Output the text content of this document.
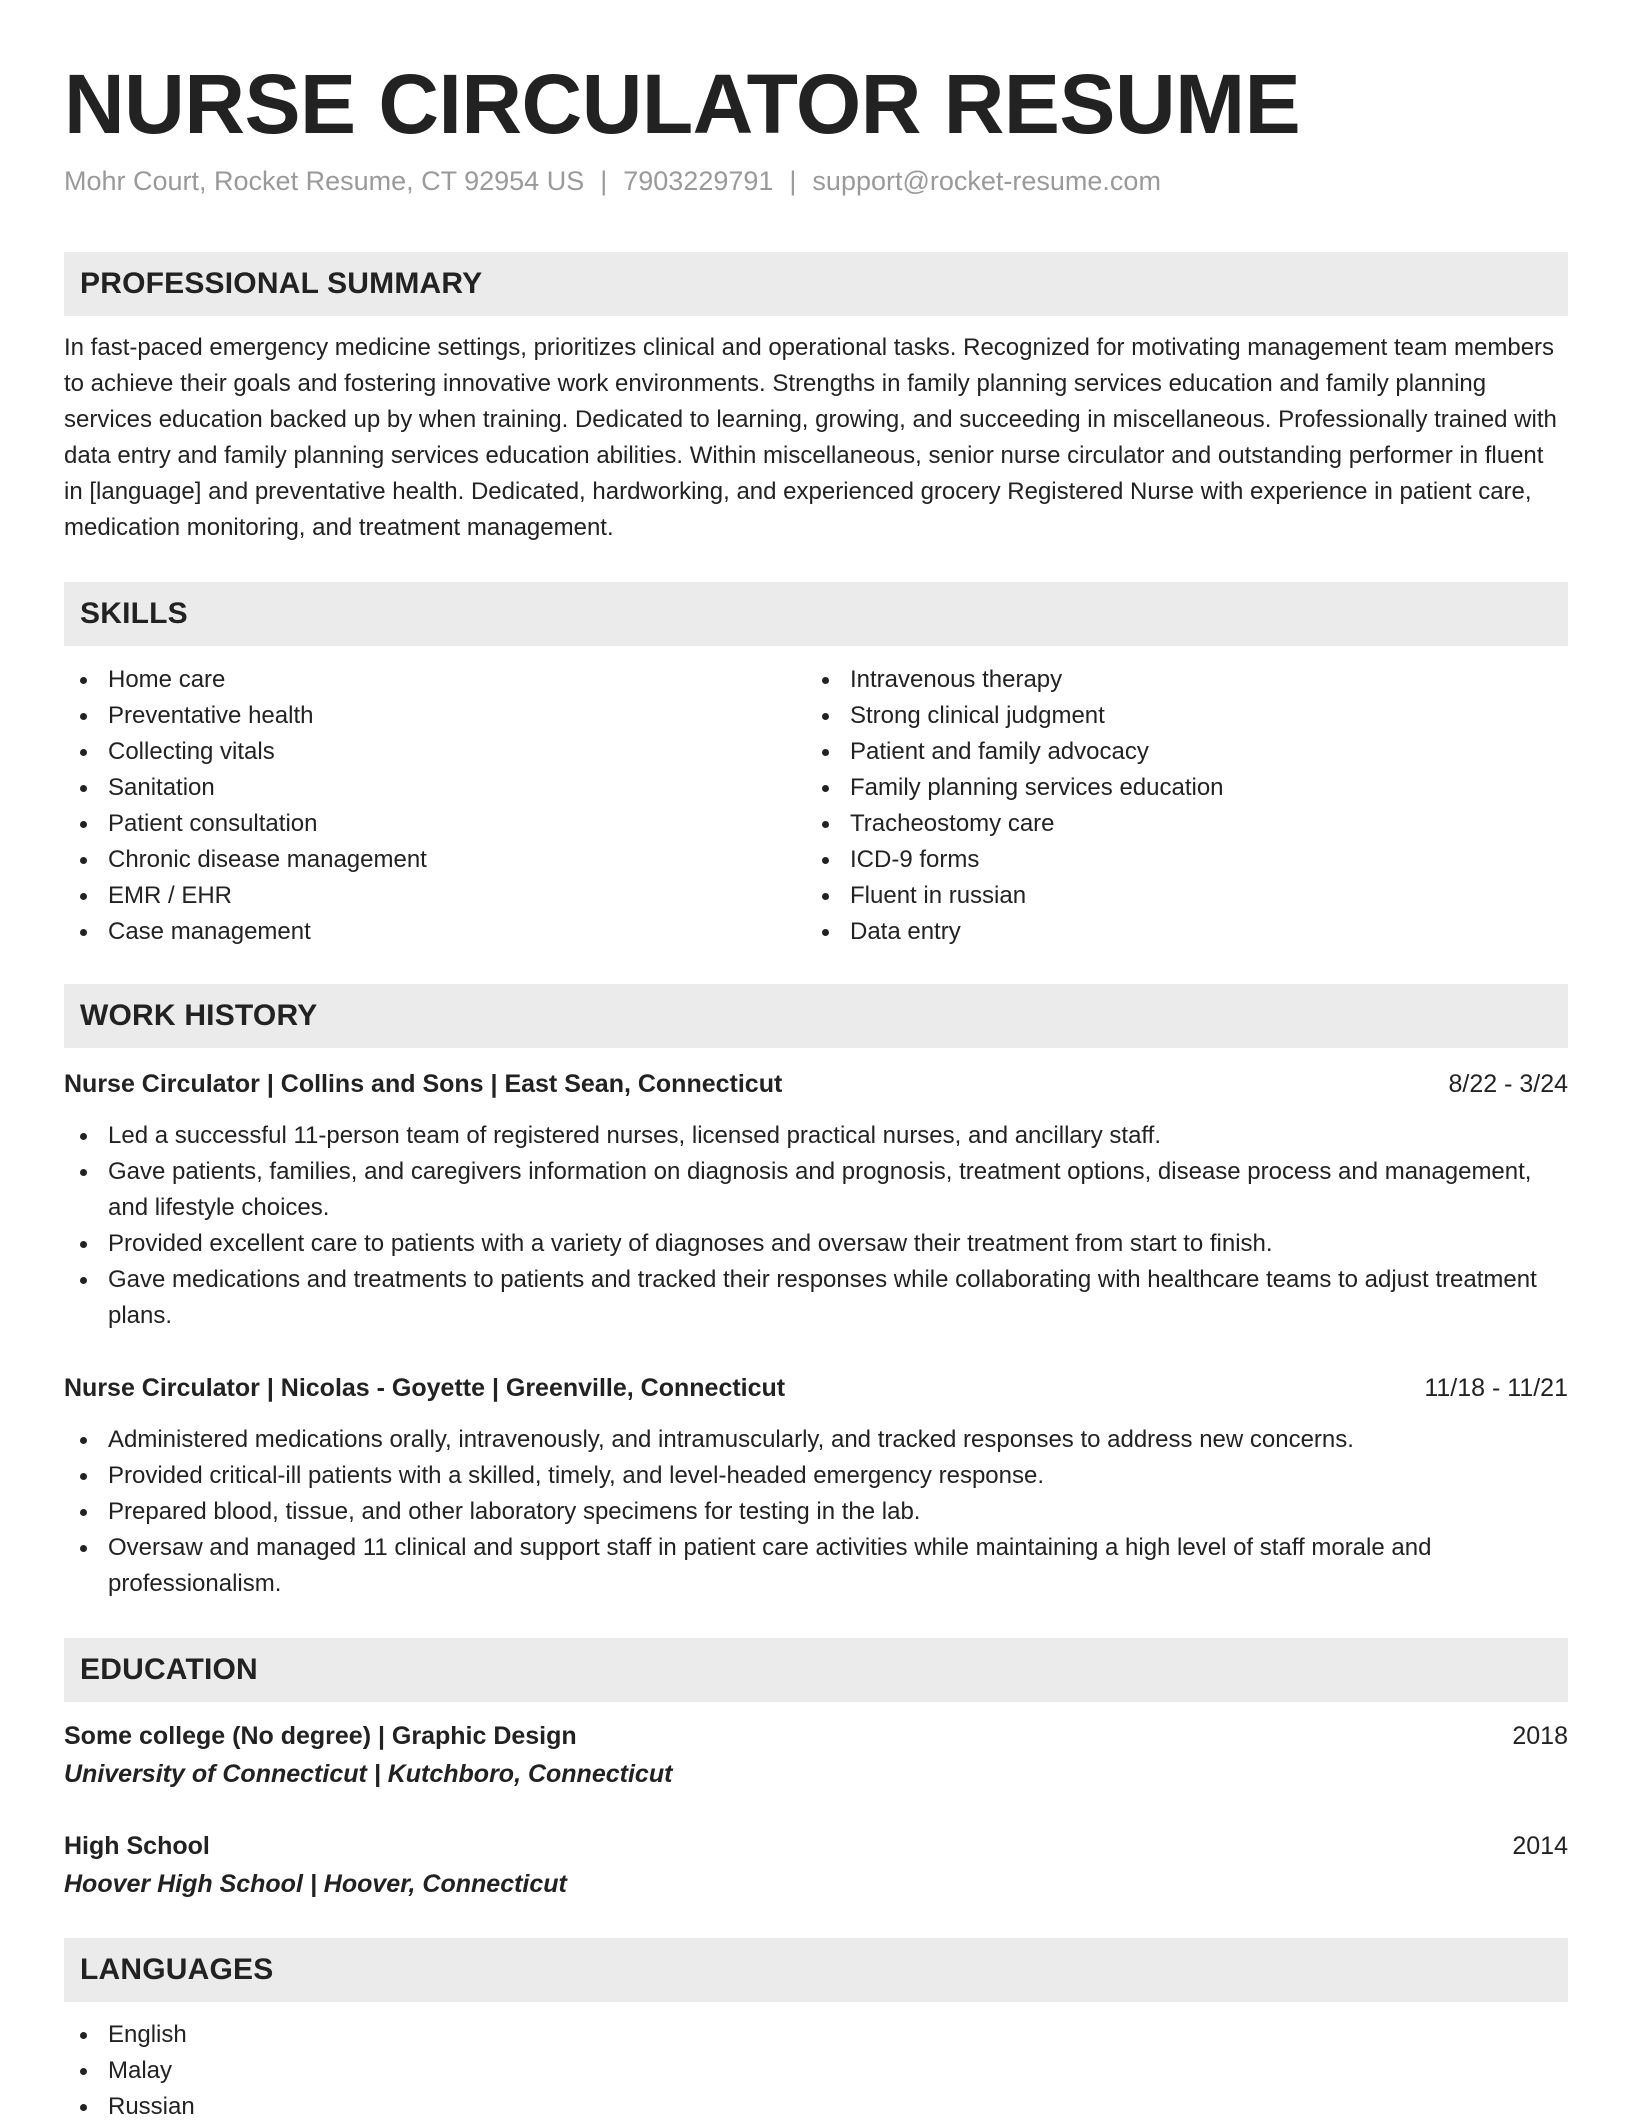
NURSE CIRCULATOR RESUME
Mohr Court, Rocket Resume, CT 92954 US | 7903229791 | support@rocket-resume.com
PROFESSIONAL SUMMARY

In fast-paced emergency medicine settings, prioritizes clinical and operational tasks. Recognized for motivating management team members to achieve their goals and fostering innovative work environments. Strengths in family planning services education and family planning services education backed up by when training. Dedicated to learning, growing, and succeeding in miscellaneous. Professionally trained with data entry and family planning services education abilities. Within miscellaneous, senior nurse circulator and outstanding performer in fluent in [language] and preventative health. Dedicated, hardworking, and experienced grocery Registered Nurse with experience in patient care, medication monitoring, and treatment management.

SKILLS
Home care
Preventative health
Collecting vitals
Sanitation
Patient consultation
Chronic disease management
EMR / EHR
Case management
Intravenous therapy
Strong clinical judgment
Patient and family advocacy
Family planning services education
Tracheostomy care
ICD-9 forms
Fluent in russian
Data entry
WORK HISTORY
Nurse Circulator | Collins and Sons | East Sean, Connecticut	8/22 - 3/24
Led a successful 11-person team of registered nurses, licensed practical nurses, and ancillary staff.
Gave patients, families, and caregivers information on diagnosis and prognosis, treatment options, disease process and management, and lifestyle choices.
Provided excellent care to patients with a variety of diagnoses and oversaw their treatment from start to finish.
Gave medications and treatments to patients and tracked their responses while collaborating with healthcare teams to adjust treatment plans.
Nurse Circulator | Nicolas - Goyette | Greenville, Connecticut	11/18 - 11/21
Administered medications orally, intravenously, and intramuscularly, and tracked responses to address new concerns.
Provided critical-ill patients with a skilled, timely, and level-headed emergency response.
Prepared blood, tissue, and other laboratory specimens for testing in the lab.
Oversaw and managed 11 clinical and support staff in patient care activities while maintaining a high level of staff morale and professionalism.
EDUCATION
Some college (No degree) | Graphic Design	2018
University of Connecticut | Kutchboro, Connecticut
High School	2014
Hoover High School | Hoover, Connecticut
LANGUAGES
English
Malay
Russian
